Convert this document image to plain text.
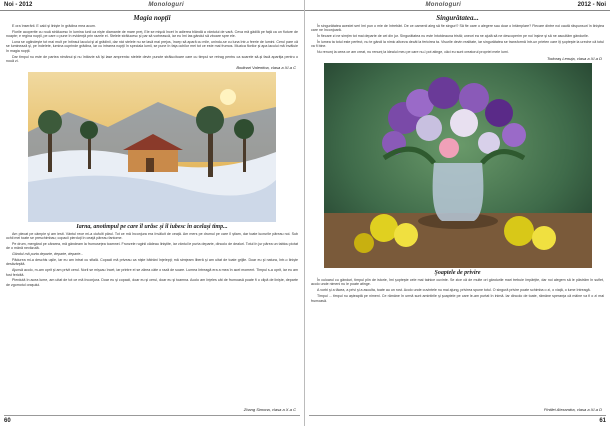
Noi - 2012	Monologuri
Magia nopţii

E ora înserării. E cald şi linişte în grădina mea acum.

Florile acoperite cu rouă strălucesc în lumina lunii ca nişte diamante de mare preţ. Ele se mişcă încet în adierea blândă a vântului de vară. Ceva mă gâdilă pe faţă ca un fluture de noapte; e regina nopţii, pe care o pune în evidenţă prin razele ei. Stelele strălucesc şi par să vorbească, iar eu îmi las gândul să zboare spre ele.

Luna se oglindeşte tot mai mult pe întinsul lacului şi al grădinii, dar nici stelele nu se lasă mai prejos, încep să apară cu mile, unindu-se cu luna într-o feerie de lumini. Cerul pare că se luminează şi, pe îndelete, lumina cuprinde grădina, iar cu intrarea nopţii în speciala lumii, se pune în faţa ochilor mei tot ce este mai frumos. Muzica florilor şi apa lacului mă învăluie în magia nopţii.

Dar timpul nu este de partea nimănui şi nu întârzie să îşi lase amprenta: stelele devin puncte strălucitoare care cu timpul se retrag pentru ca soarele să-şi facă apariţia pentru o nouă zi.

Bodinari Valentina, clasa a XI-a C
Iarna, anotimpul pe care îl urăsc şi îl iubesc în acelaşi timp...

Am plecat pe câmpie şi am iesit. Vântul rece mi-a ciufulit părul. Tot ce mă înconjura era învăluit de ceaţă. Am mers pe drumul pe care îl ştiam, dar toate lucrurile păreau noi. Sub ochii mei toate se preschimbau; copacii pierduţi în ceaţă păreau fantome.

Pe drum, mergând pe cărarea, mă gândeam la frumuseţea toamnei. Frunzele ruginii cădeau liniştite, iar vântul le purta departe, dincolo de dealuri. Totul în jur părea un tablou pictat de o mână nevăzută.

Gândul mă purta departe, departe, departe...

Pădurea mi-a deschis uşile, iar eu am intrat cu sfială. Copacii mă priveau ca nişte bătrâni înţelepţi; mă simţeam liberă şi am uitat de toate grijile. Doar eu şi natura, într-o linişte desăvârşită.

Ajunsă acolo, m-am oprit şi am privit cerul. Norii se mişcau încet, iar printre ei se zărea câte o rază de soare. Lumea întreagă era a mea în acel moment. Timpul s-a oprit, iar eu am fost fericită.

Pierdută în acea lume, am uitat de tot ce mă înconjura. Doar eu şi copacii, doar eu şi cerul, doar eu şi toamna. Acolo am înţeles cât de frumoasă poate fi o clipă de linişte, departe de zgomotul oraşului.

Zhang Simona, clasa a X-a C
60
Monologuri	2012 - Noi
Singurătatea...

În singurătatea acestei seri îmi pun o mie de întrebări. De ce oamenii aleg să fie singuri? Să fie oare o alegere sau doar o întâmplare? Fiecare dintre noi caută răspunsuri în liniştea care ne înconjoară.

În fiecare zi ne simţim tot mai departe de cei din jur. Singurătatea nu este întotdeauna tristă; uneori ea ne ajută să ne descoperim pe noi înşine şi să ne ascultăm gândurile.

În lumea ta totul este perfect, nu te gândi la nimic altceva decât la fericirea ta. Visurile devin realitate, iar singurătatea se transformă într-un prieten care îţi şopteşte la ureche că totul va fi bine.

Nu renunţ la ceea ce am creat, nu renunţ la idealul meu pe care nu-l pot atinge, căci eu sunt creatorul propriei mele lumi.

Todoraş Lenuţa, clasa a XI-a D
Şoaptele de privire

În culoarul cu gânduri, timpul plin de istorie, îmi şopteşte cele mai tainice cuvinte. Se zice că de multe ori gândurile mari trebuie împărţite, dar noi alegem să le păstrăm în suflet, acolo unde nimeni nu le poate atinge.

A vorbi şi a tăcea, a privi şi a asculta, toate au un rost. Acolo unde cuvintele nu mai ajung, privirea spune totul. O singură privire poate schimba o zi, o viaţă, o lume întreagă.

Timpul ... timpul nu aşteaptă pe nimeni. Ce rămâne în urmă sunt amintirile şi şoaptele pe care le-am purtat în inimă. Iar dincolo de toate, rămâne speranţa că mâine va fi o zi mai frumoasă.

Pintilei Alexandra, clasa a XI-a D
61
